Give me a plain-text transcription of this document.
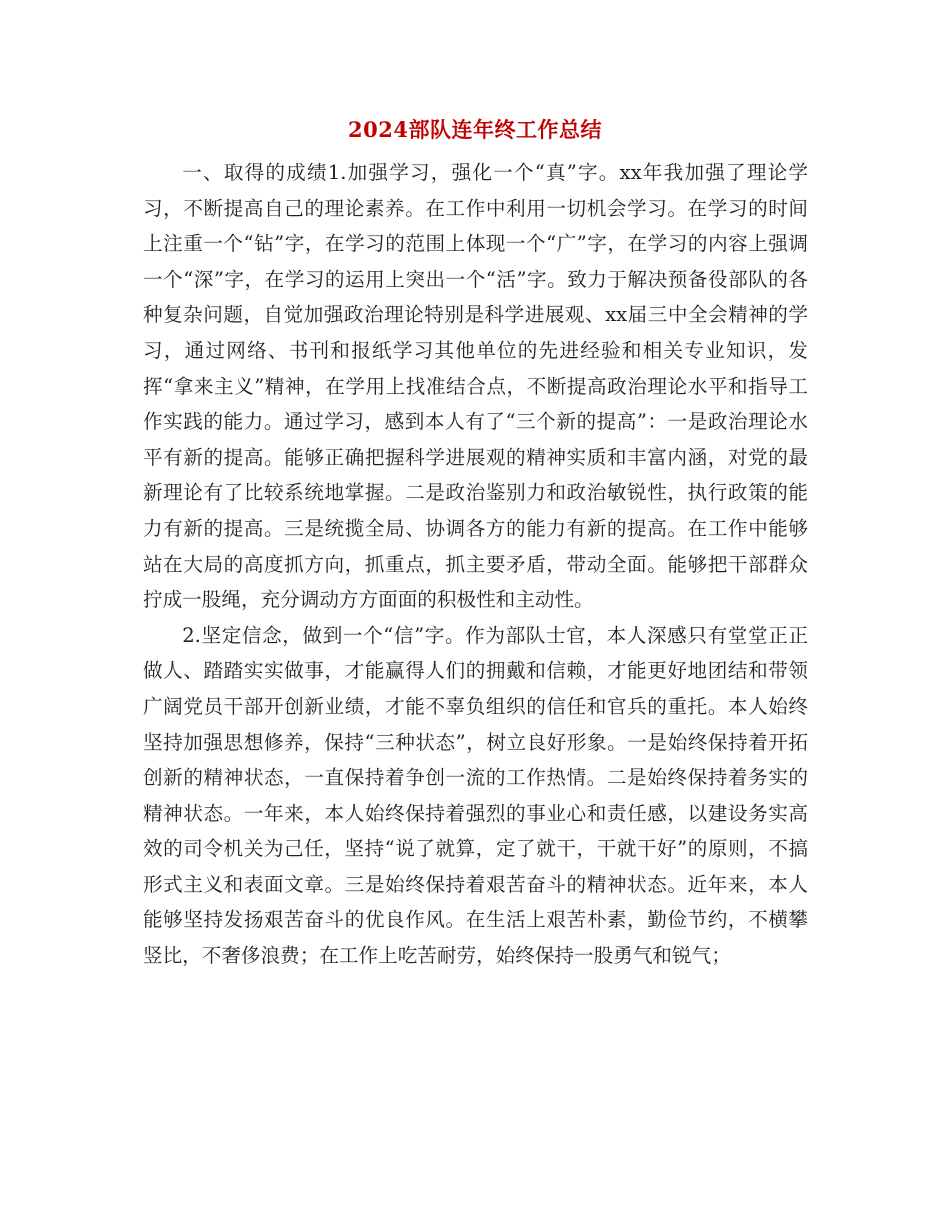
2024部队连年终工作总结

一、取得的成绩1.加强学习，强化一个“真”字。xx年我加强了理论学习，不断提高自己的理论素养。在工作中利用一切机会学习。在学习的时间上注重一个“钻”字，在学习的范围上体现一个“广”字，在学习的内容上强调一个“深”字，在学习的运用上突出一个“活”字。致力于解决预备役部队的各种复杂问题，自觉加强政治理论特别是科学进展观、xx届三中全会精神的学习，通过网络、书刊和报纸学习其他单位的先进经验和相关专业知识，发挥“拿来主义”精神，在学用上找准结合点，不断提高政治理论水平和指导工作实践的能力。通过学习，感到本人有了“三个新的提高”：一是政治理论水平有新的提高。能够正确把握科学进展观的精神实质和丰富内涵，对党的最新理论有了比较系统地掌握。二是政治鉴别力和政治敏锐性，执行政策的能力有新的提高。三是统揽全局、协调各方的能力有新的提高。在工作中能够站在大局的高度抓方向，抓重点，抓主要矛盾，带动全面。能够把干部群众拧成一股绳，充分调动方方面面的积极性和主动性。

2.坚定信念，做到一个“信”字。作为部队士官，本人深感只有堂堂正正做人、踏踏实实做事，才能赢得人们的拥戴和信赖，才能更好地团结和带领广阔党员干部开创新业绩，才能不辜负组织的信任和官兵的重托。本人始终坚持加强思想修养，保持“三种状态”，树立良好形象。一是始终保持着开拓创新的精神状态，一直保持着争创一流的工作热情。二是始终保持着务实的精神状态。一年来，本人始终保持着强烈的事业心和责任感，以建设务实高效的司令机关为己任，坚持“说了就算，定了就干，干就干好”的原则，不搞形式主义和表面文章。三是始终保持着艰苦奋斗的精神状态。近年来，本人能够坚持发扬艰苦奋斗的优良作风。在生活上艰苦朴素，勤俭节约，不横攀竖比，不奢侈浪费；在工作上吃苦耐劳，始终保持一股勇气和锐气；
